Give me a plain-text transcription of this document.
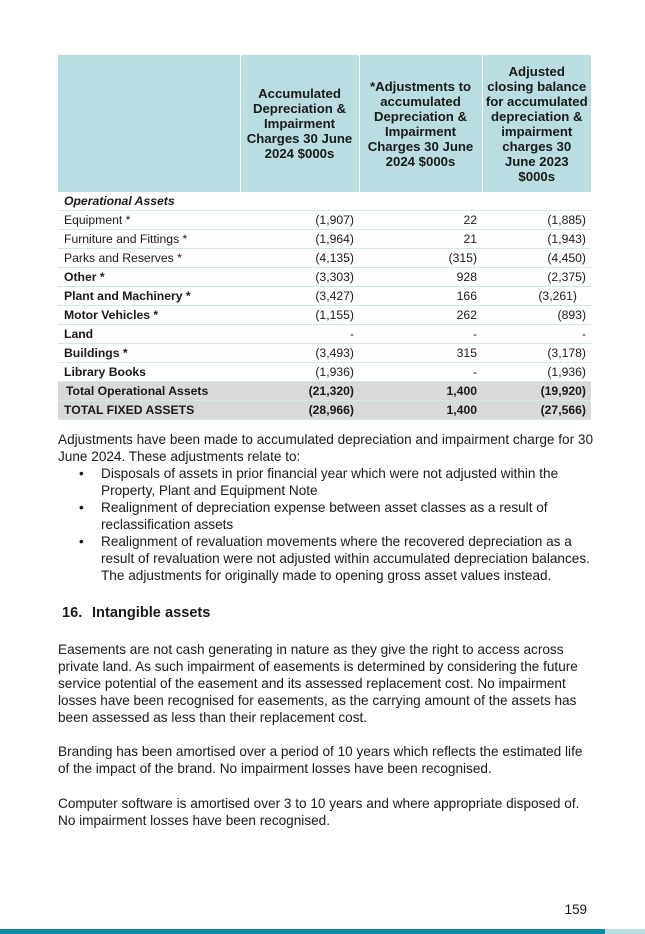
	Accumulated Depreciation & Impairment Charges 30 June 2024 $000s	*Adjustments to accumulated Depreciation & Impairment Charges 30 June 2024 $000s	Adjusted closing balance for accumulated depreciation & impairment charges 30 June 2023 $000s
Operational Assets			
Equipment *	(1,907)	22	(1,885)
Furniture and Fittings *	(1,964)	21	(1,943)
Parks and Reserves *	(4,135)	(315)	(4,450)
Other *	(3,303)	928	(2,375)
Plant and Machinery *	(3,427)	166	(3,261)
Motor Vehicles *	(1,155)	262	(893)
Land	-	-	-
Buildings *	(3,493)	315	(3,178)
Library Books	(1,936)	-	(1,936)
Total Operational Assets	(21,320)	1,400	(19,920)
TOTAL FIXED ASSETS	(28,966)	1,400	(27,566)

Adjustments have been made to accumulated depreciation and impairment charge for 30 June 2024. These adjustments relate to:

• Disposals of assets in prior financial year which were not adjusted within the Property, Plant and Equipment Note
• Realignment of depreciation expense between asset classes as a result of reclassification assets
• Realignment of revaluation movements where the recovered depreciation as a result of revaluation were not adjusted within accumulated depreciation balances. The adjustments for originally made to opening gross asset values instead.
16. Intangible assets

Easements are not cash generating in nature as they give the right to access across private land. As such impairment of easements is determined by considering the future service potential of the easement and its assessed replacement cost. No impairment losses have been recognised for easements, as the carrying amount of the assets has been assessed as less than their replacement cost.

Branding has been amortised over a period of 10 years which reflects the estimated life of the impact of the brand. No impairment losses have been recognised.

Computer software is amortised over 3 to 10 years and where appropriate disposed of. No impairment losses have been recognised.

159
